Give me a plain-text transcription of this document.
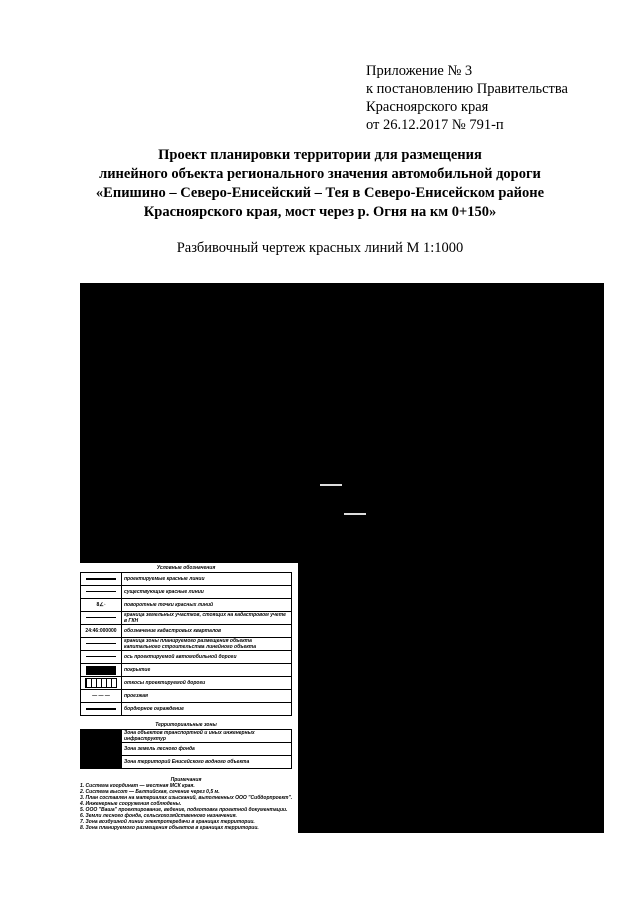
Приложение № 3
к постановлению Правительства
Красноярского края
от 26.12.2017 № 791-п
Проект планировки территории для размещения
линейного объекта регионального значения автомобильной дороги
«Епишино – Северо-Енисейский – Тея в Северо-Енисейском районе
Красноярского края, мост через р. Огня на км 0+150»
Разбивочный чертеж красных линий М 1:1000
Условные обозначения
	проектируемые красные линии
	существующие красные линии
8∠◦	поворотные точки красных линий
	граница земельных участков, стоящих на кадастровом учете в ГКН
24:46:000000	обозначение кадастровых кварталов
	граница зоны планируемого размещения объекта капитального строительства линейного объекта
	ось проектируемой автомобильной дороги
	покрытие
	откосы проектируемой дороги
— — —	проезжая
	бордюрное ограждение
Территориальные зоны
	Зона объектов транспортной и иных инженерных инфраструктур
Зона земель лесного фонда
Зона территорий Енисейского водного объекта
Примечания
1. Система координат — местная МСК края.
2. Система высот — Балтийская, сечение через 0,5 м.
3. План составлен на материалах изысканий, выполненных ООО "Сибдорпроект".
4. Инженерные сооружения соблюдены.
5. ООО "Ваша" проектирование, ведение, подготовка проектной документации.
6. Земли лесного фонда, сельскохозяйственного назначения.
7. Зона воздушной линии электропередачи в границах территории.
8. Зона планируемого размещения объектов в границах территории.
